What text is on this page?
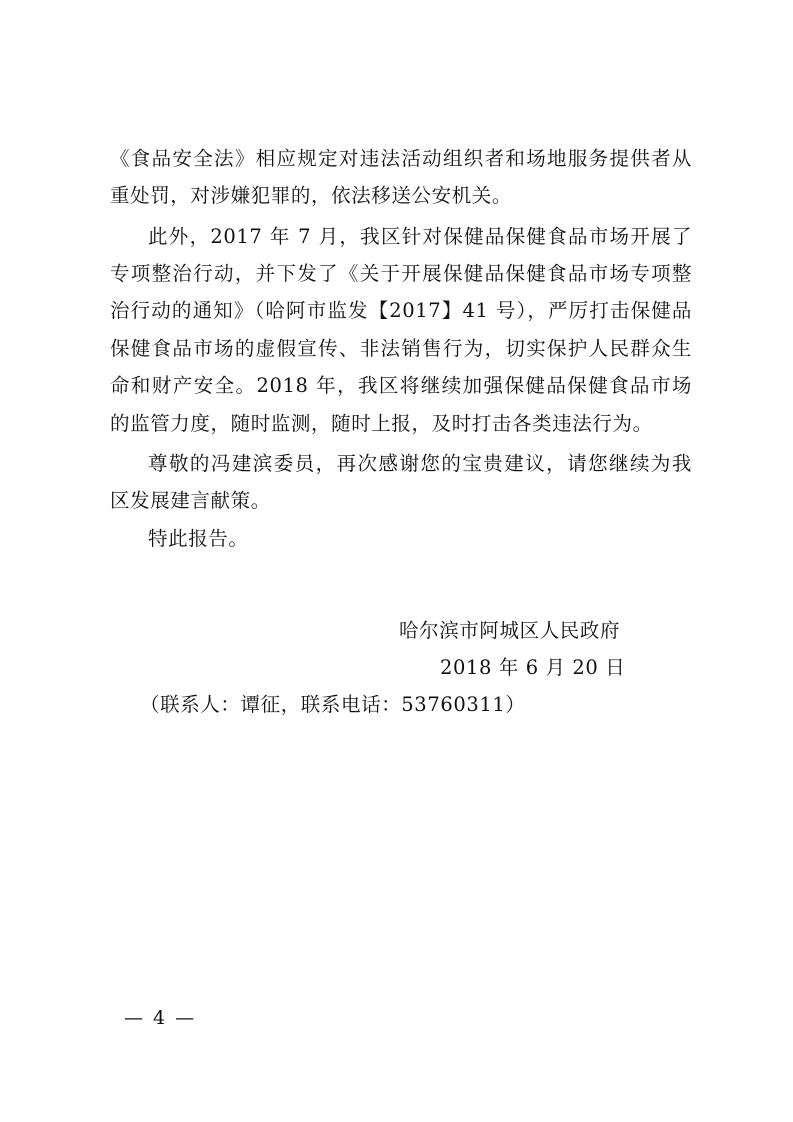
《食品安全法》相应规定对违法活动组织者和场地服务提供者从
重处罚，对涉嫌犯罪的，依法移送公安机关。
此外，2017 年 7 月，我区针对保健品保健食品市场开展了
专项整治行动，并下发了《关于开展保健品保健食品市场专项整
治行动的通知》（哈阿市监发【2017】41 号），严厉打击保健品
保健食品市场的虚假宣传、非法销售行为，切实保护人民群众生
命和财产安全。2018 年，我区将继续加强保健品保健食品市场
的监管力度，随时监测，随时上报，及时打击各类违法行为。
尊敬的冯建滨委员，再次感谢您的宝贵建议，请您继续为我
区发展建言献策。
特此报告。
哈尔滨市阿城区人民政府
2018 年 6 月 20 日
（联系人：谭征，联系电话：53760311）
— 4 —
